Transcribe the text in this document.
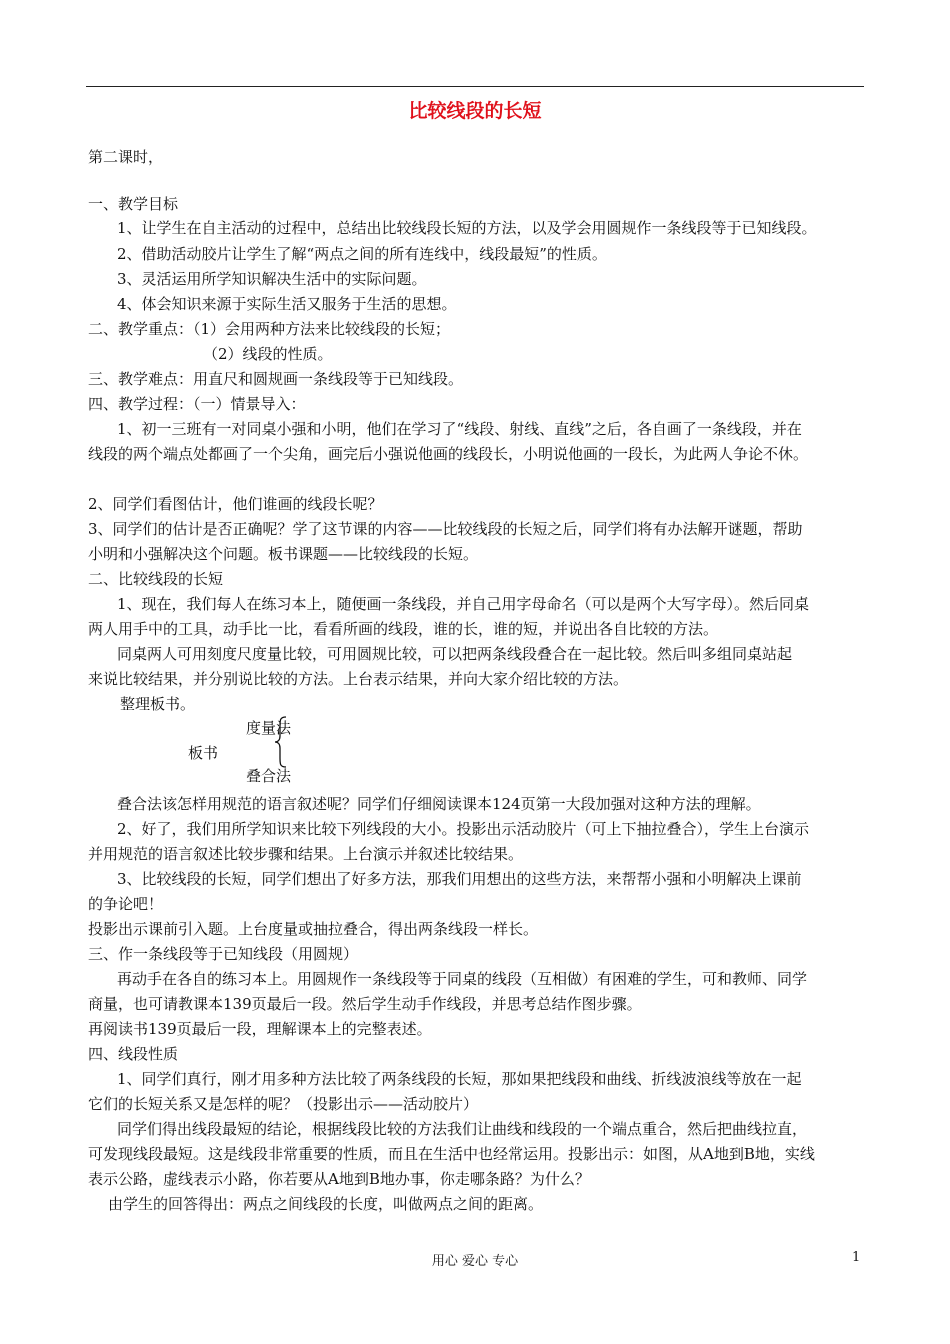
比较线段的长短
第二课时，
一、教学目标
1、让学生在自主活动的过程中，总结出比较线段长短的方法，以及学会用圆规作一条线段等于已知线段。
2、借助活动胶片让学生了解“两点之间的所有连线中，线段最短”的性质。
3、灵活运用所学知识解决生活中的实际问题。
4、体会知识来源于实际生活又服务于生活的思想。
二、教学重点：（1）会用两种方法来比较线段的长短；
（2）线段的性质。
三、教学难点：用直尺和圆规画一条线段等于已知线段。
四、教学过程：（一）情景导入：
1、初一三班有一对同桌小强和小明，他们在学习了“线段、射线、直线”之后，各自画了一条线段，并在
线段的两个端点处都画了一个尖角，画完后小强说他画的线段长，小明说他画的一段长，为此两人争论不休。
2、同学们看图估计，他们谁画的线段长呢？
3、同学们的估计是否正确呢？学了这节课的内容——比较线段的长短之后，同学们将有办法解开谜题，帮助
小明和小强解决这个问题。板书课题——比较线段的长短。
二、比较线段的长短
1、现在，我们每人在练习本上，随便画一条线段，并自己用字母命名（可以是两个大写字母）。然后同桌
两人用手中的工具，动手比一比，看看所画的线段，谁的长，谁的短，并说出各自比较的方法。
同桌两人可用刻度尺度量比较，可用圆规比较，可以把两条线段叠合在一起比较。然后叫多组同桌站起
来说比较结果，并分别说比较的方法。上台表示结果，并向大家介绍比较的方法。
整理板书。
度量法
板书
叠合法
叠合法该怎样用规范的语言叙述呢？同学们仔细阅读课本124页第一大段加强对这种方法的理解。
2、好了，我们用所学知识来比较下列线段的大小。投影出示活动胶片（可上下抽拉叠合），学生上台演示
并用规范的语言叙述比较步骤和结果。上台演示并叙述比较结果。
3、比较线段的长短，同学们想出了好多方法，那我们用想出的这些方法，来帮帮小强和小明解决上课前
的争论吧！
投影出示课前引入题。上台度量或抽拉叠合，得出两条线段一样长。
三、作一条线段等于已知线段（用圆规）
再动手在各自的练习本上。用圆规作一条线段等于同桌的线段（互相做）有困难的学生，可和教师、同学
商量，也可请教课本139页最后一段。然后学生动手作线段，并思考总结作图步骤。
再阅读书139页最后一段，理解课本上的完整表述。
四、线段性质
1、同学们真行，刚才用多种方法比较了两条线段的长短，那如果把线段和曲线、折线波浪线等放在一起
它们的长短关系又是怎样的呢？（投影出示——活动胶片）
同学们得出线段最短的结论，根据线段比较的方法我们让曲线和线段的一个端点重合，然后把曲线拉直，
可发现线段最短。这是线段非常重要的性质，而且在生活中也经常运用。投影出示：如图，从A地到B地，实线
表示公路，虚线表示小路，你若要从A地到B地办事，你走哪条路？为什么？
由学生的回答得出：两点之间线段的长度，叫做两点之间的距离。
用心 爱心 专心	1
